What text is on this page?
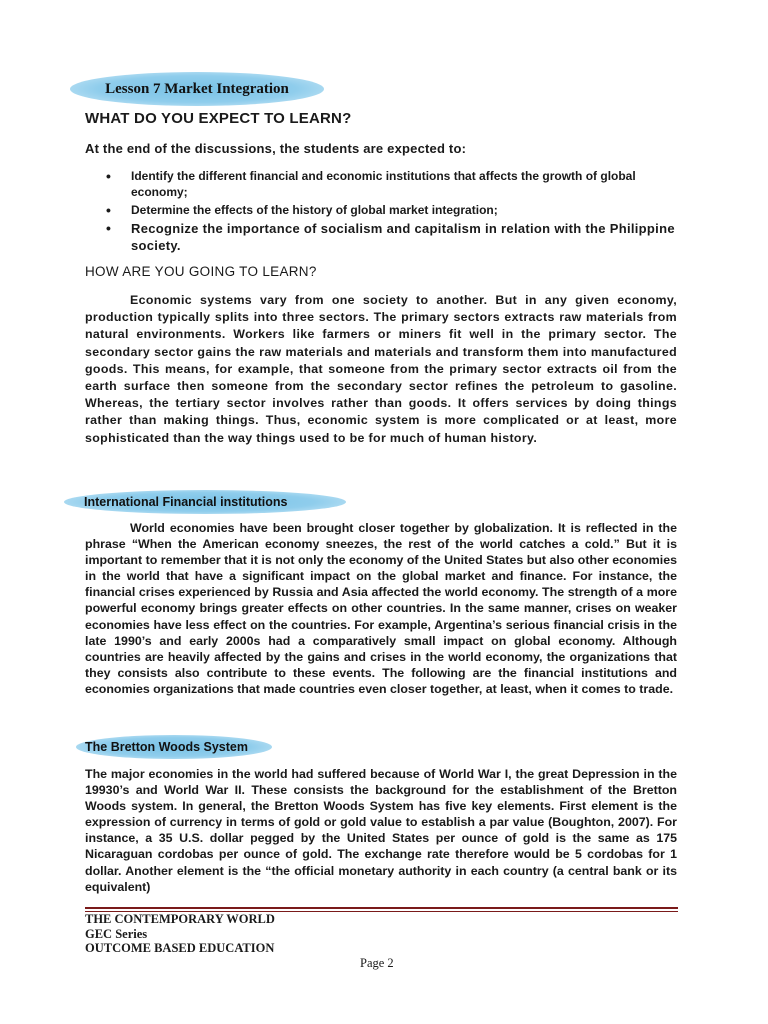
Lesson 7 Market Integration
WHAT DO YOU EXPECT TO LEARN?

At the end of the discussions, the students are expected to:

• Identify the different financial and economic institutions that affects the growth of global economy;
• Determine the effects of the history of global market integration;
• Recognize the importance of socialism and capitalism in relation with the Philippine society.
HOW ARE YOU GOING TO LEARN?

Economic systems vary from one society to another. But in any given economy, production typically splits into three sectors. The primary sectors extracts raw materials from natural environments. Workers like farmers or miners fit well in the primary sector. The secondary sector gains the raw materials and materials and transform them into manufactured goods. This means, for example, that someone from the primary sector extracts oil from the earth surface then someone from the secondary sector refines the petroleum to gasoline. Whereas, the tertiary sector involves rather than goods. It offers services by doing things rather than making things. Thus, economic system is more complicated or at least, more sophisticated than the way things used to be for much of human history.

International Financial institutions

World economies have been brought closer together by globalization. It is reflected in the phrase “When the American economy sneezes, the rest of the world catches a cold.” But it is important to remember that it is not only the economy of the United States but also other economies in the world that have a significant impact on the global market and finance. For instance, the financial crises experienced by Russia and Asia affected the world economy. The strength of a more powerful economy brings greater effects on other countries. In the same manner, crises on weaker economies have less effect on the countries. For example, Argentina’s serious financial crisis in the late 1990’s and early 2000s had a comparatively small impact on global economy. Although countries are heavily affected by the gains and crises in the world economy, the organizations that they consists also contribute to these events. The following are the financial institutions and economies organizations that made countries even closer together, at least, when it comes to trade.

The Bretton Woods System

The major economies in the world had suffered because of World War I, the great Depression in the 19930’s and World War II. These consists the background for the establishment of the Bretton Woods system. In general, the Bretton Woods System has five key elements. First element is the expression of currency in terms of gold or gold value to establish a par value (Boughton, 2007). For instance, a 35 U.S. dollar pegged by the United States per ounce of gold is the same as 175 Nicaraguan cordobas per ounce of gold. The exchange rate therefore would be 5 cordobas for 1 dollar. Another element is the “the official monetary authority in each country (a central bank or its equivalent)

THE CONTEMPORARY WORLD
GEC Series
OUTCOME BASED EDUCATION
Page 2
